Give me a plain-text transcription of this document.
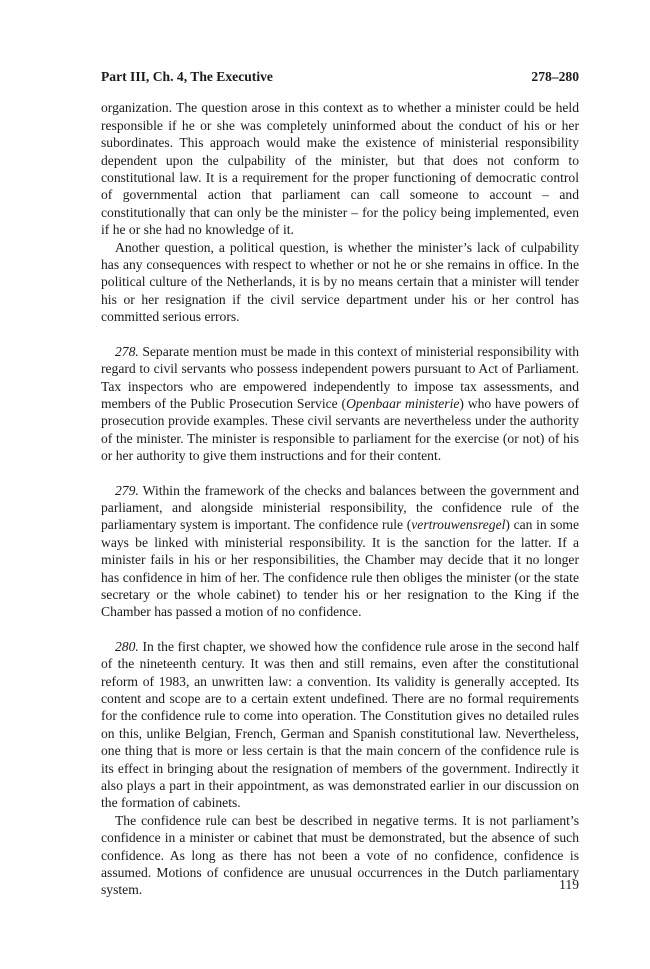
Part III, Ch. 4, The Executive	278–280

organization. The question arose in this context as to whether a minister could be held responsible if he or she was completely uninformed about the conduct of his or her subordinates. This approach would make the existence of ministerial responsibility dependent upon the culpability of the minister, but that does not conform to constitutional law. It is a requirement for the proper functioning of democratic control of governmental action that parliament can call someone to account – and constitutionally that can only be the minister – for the policy being implemented, even if he or she had no knowledge of it.

Another question, a political question, is whether the minister’s lack of culpability has any consequences with respect to whether or not he or she remains in office. In the political culture of the Netherlands, it is by no means certain that a minister will tender his or her resignation if the civil service department under his or her control has committed serious errors.

278. Separate mention must be made in this context of ministerial responsibility with regard to civil servants who possess independent powers pursuant to Act of Parliament. Tax inspectors who are empowered independently to impose tax assessments, and members of the Public Prosecution Service (Openbaar ministerie) who have powers of prosecution provide examples. These civil servants are nevertheless under the authority of the minister. The minister is responsible to parliament for the exercise (or not) of his or her authority to give them instructions and for their content.

279. Within the framework of the checks and balances between the government and parliament, and alongside ministerial responsibility, the confidence rule of the parliamentary system is important. The confidence rule (vertrouwensregel) can in some ways be linked with ministerial responsibility. It is the sanction for the latter. If a minister fails in his or her responsibilities, the Chamber may decide that it no longer has confidence in him of her. The confidence rule then obliges the minister (or the state secretary or the whole cabinet) to tender his or her resignation to the King if the Chamber has passed a motion of no confidence.

280. In the first chapter, we showed how the confidence rule arose in the second half of the nineteenth century. It was then and still remains, even after the constitutional reform of 1983, an unwritten law: a convention. Its validity is generally accepted. Its content and scope are to a certain extent undefined. There are no formal requirements for the confidence rule to come into operation. The Constitution gives no detailed rules on this, unlike Belgian, French, German and Spanish constitutional law. Nevertheless, one thing that is more or less certain is that the main concern of the confidence rule is its effect in bringing about the resignation of members of the government. Indirectly it also plays a part in their appointment, as was demonstrated earlier in our discussion on the formation of cabinets.

The confidence rule can best be described in negative terms. It is not parliament’s confidence in a minister or cabinet that must be demonstrated, but the absence of such confidence. As long as there has not been a vote of no confidence, confidence is assumed. Motions of confidence are unusual occurrences in the Dutch parliamentary system.	119
